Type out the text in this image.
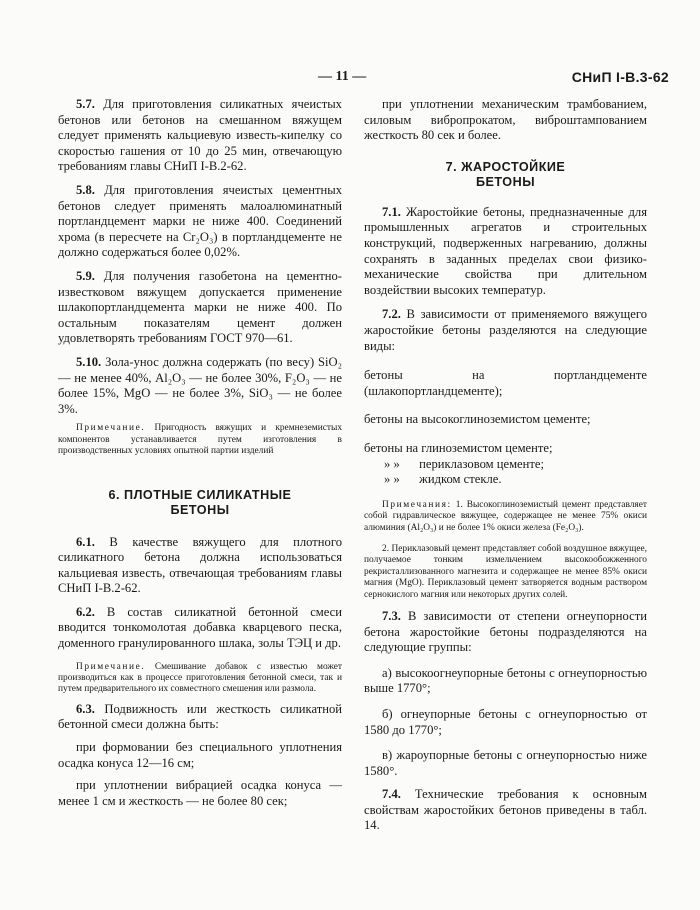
— 11 —	СНиП I-В.3-62

5.7. Для приготовления силикатных ячеистых бетонов или бетонов на смешанном вяжущем следует применять кальциевую известь-кипелку со скоростью гашения от 10 до 25 мин, отвечающую требованиям главы СНиП I-В.2-62.

5.8. Для приготовления ячеистых цементных бетонов следует применять малоалюминатный портландцемент марки не ниже 400. Соединений хрома (в пересчете на Cr₂O₃) в портландцементе не должно содержаться более 0,02%.

5.9. Для получения газобетона на цементно-известковом вяжущем допускается применение шлакопортландцемента марки не ниже 400. По остальным показателям цемент должен удовлетворять требованиям ГОСТ 970—61.

5.10. Зола-унос должна содержать (по весу) SiO₂ — не менее 40%, Al₂O₃ — не более 30%, F₂O₃ — не более 15%, MgO — не более 3%, SiO₃ — не более 3%.

Примечание. Пригодность вяжущих и кремнеземистых компонентов устанавливается путем изготовления в производственных условиях опытной партии изделий

6. ПЛОТНЫЕ СИЛИКАТНЫЕ БЕТОНЫ

6.1. В качестве вяжущего для плотного силикатного бетона должна использоваться кальциевая известь, отвечающая требованиям главы СНиП I-В.2-62.

6.2. В состав силикатной бетонной смеси вводится тонкомолотая добавка кварцевого песка, доменного гранулированного шлака, золы ТЭЦ и др.

Примечание. Смешивание добавок с известью может производиться как в процессе приготовления бетонной смеси, так и путем предварительного их совместного смешения или размола.

6.3. Подвижность или жесткость силикатной бетонной смеси должна быть:

при формовании без специального уплотнения осадка конуса 12—16 см;

при уплотнении вибрацией осадка конуса — менее 1 см и жесткость — не более 80 сек;

при уплотнении механическим трамбованием, силовым вибропрокатом, виброштампованием жесткость 80 сек и более.

7. ЖАРОСТОЙКИЕ БЕТОНЫ

7.1. Жаростойкие бетоны, предназначенные для промышленных агрегатов и строительных конструкций, подверженных нагреванию, должны сохранять в заданных пределах свои физико-механические свойства при длительном воздействии высоких температур.

7.2. В зависимости от применяемого вяжущего жаростойкие бетоны разделяются на следующие виды:

бетоны на портландцементе (шлакопортландцементе);

бетоны на высокоглиноземистом цементе;

бетоны на глиноземистом цементе;

» » периклазовом цементе;

» » жидком стекле.

Примечания: 1. Высокоглиноземистый цемент представляет собой гидравлическое вяжущее, содержащее не менее 75% окиси алюминия (Al₂O₃) и не более 1% окиси железа (Fe₂O₃).

2. Периклазовый цемент представляет собой воздушное вяжущее, получаемое тонким измельчением высокообожженного рекристаллизованного магнезита и содержащее не менее 85% окиси магния (MgO). Периклазовый цемент затворяется водным раствором сернокислого магния или некоторых других солей.

7.3. В зависимости от степени огнеупорности бетона жаростойкие бетоны подразделяются на следующие группы:

а) высокоогнеупорные бетоны с огнеупорностью выше 1770°;

б) огнеупорные бетоны с огнеупорностью от 1580 до 1770°;

в) жароупорные бетоны с огнеупорностью ниже 1580°.

7.4. Технические требования к основным свойствам жаростойких бетонов приведены в табл. 14.
